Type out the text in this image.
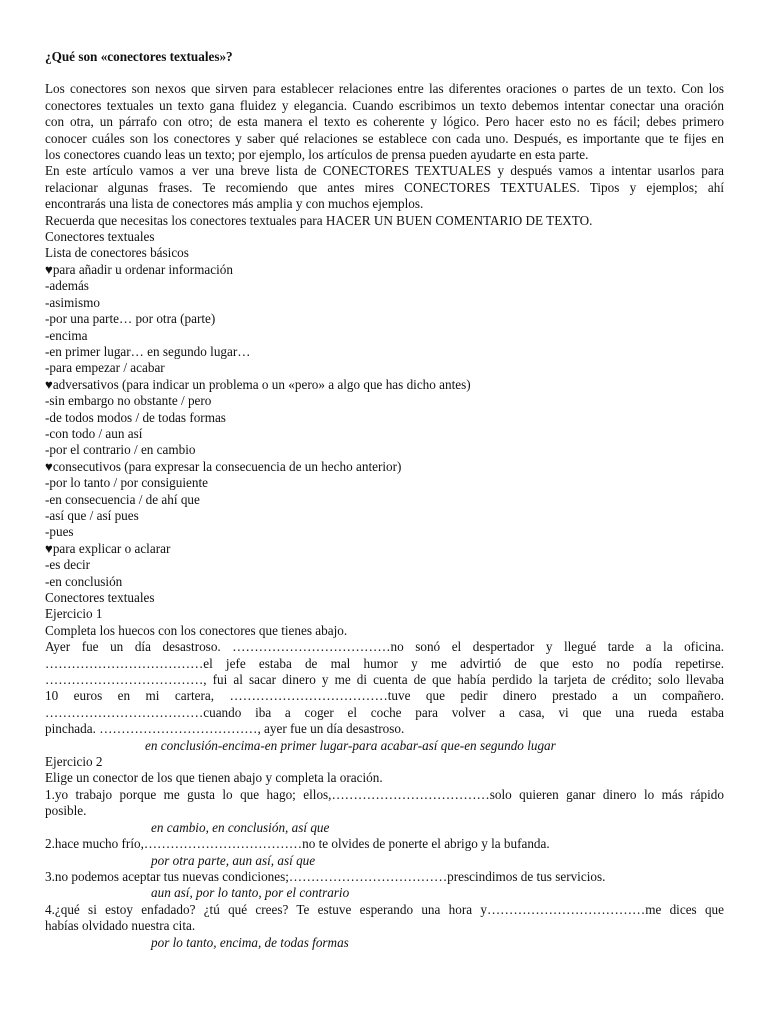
¿Qué son «conectores textuales»?
Los conectores son nexos que sirven para establecer relaciones entre las diferentes oraciones o partes de un texto. Con los
conectores textuales un texto gana fluidez y elegancia. Cuando escribimos un texto debemos intentar conectar una oración
con otra, un párrafo con otro; de esta manera el texto es coherente y lógico. Pero hacer esto no es fácil; debes primero
conocer cuáles son los conectores y saber qué relaciones se establece con cada uno. Después, es importante que te fijes en
los conectores cuando leas un texto; por ejemplo, los artículos de prensa pueden ayudarte en esta parte.
En este artículo vamos a ver una breve lista de CONECTORES TEXTUALES y después vamos a intentar usarlos para
relacionar algunas frases. Te recomiendo que antes mires CONECTORES TEXTUALES. Tipos y ejemplos; ahí
encontrarás una lista de conectores más amplia y con muchos ejemplos.
Recuerda que necesitas los conectores textuales para HACER UN BUEN COMENTARIO DE TEXTO.
Conectores textuales
Lista de conectores básicos
♥para añadir u ordenar información
-además
-asimismo
-por una parte… por otra (parte)
-encima
-en primer lugar… en segundo lugar…
-para empezar / acabar
♥adversativos (para indicar un problema o un «pero» a algo que has dicho antes)
-sin embargo no obstante / pero
-de todos modos / de todas formas
-con todo / aun así
-por el contrario / en cambio
♥consecutivos (para expresar la consecuencia de un hecho anterior)
-por lo tanto / por consiguiente
-en consecuencia / de ahí que
-así que / así pues
-pues
♥para explicar o aclarar
-es decir
-en conclusión
Conectores textuales
Ejercicio 1
Completa los huecos con los conectores que tienes abajo.
Ayer fue un día desastroso. ………………………………no sonó el despertador y llegué tarde a la oficina.
………………………………el jefe estaba de mal humor y me advirtió de que esto no podía repetirse.
………………………………, fui al sacar dinero y me di cuenta de que había perdido la tarjeta de crédito; solo llevaba
10 euros en mi cartera, ………………………………tuve que pedir dinero prestado a un compañero.
………………………………cuando iba a coger el coche para volver a casa, vi que una rueda estaba
pinchada. ………………………………, ayer fue un día desastroso.
en conclusión-encima-en primer lugar-para acabar-así que-en segundo lugar
Ejercicio 2
Elige un conector de los que tienen abajo y completa la oración.
1.yo trabajo porque me gusta lo que hago; ellos,………………………………solo quieren ganar dinero lo más rápido
posible.
en cambio, en conclusión, así que
2.hace mucho frío,………………………………no te olvides de ponerte el abrigo y la bufanda.
por otra parte, aun así, así que
3.no podemos aceptar tus nuevas condiciones;………………………………prescindimos de tus servicios.
aun así, por lo tanto, por el contrario
4.¿qué si estoy enfadado? ¿tú qué crees? Te estuve esperando una hora y………………………………me dices que
habías olvidado nuestra cita.
por lo tanto, encima, de todas formas
